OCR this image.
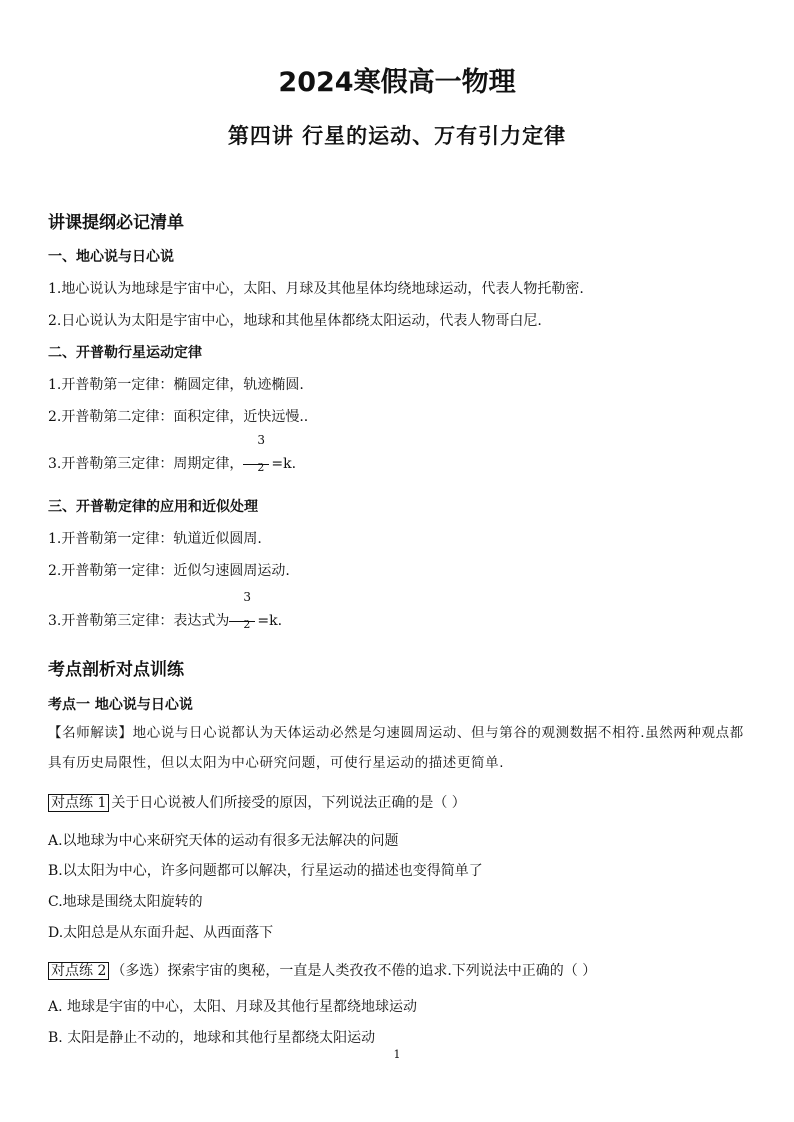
2024寒假高一物理
第四讲 行星的运动、万有引力定律
讲课提纲必记清单
一、地心说与日心说
1.地心说认为地球是宇宙中心，太阳、月球及其他星体均绕地球运动，代表人物托勒密.
2.日心说认为太阳是宇宙中心，地球和其他星体都绕太阳运动，代表人物哥白尼.
二、开普勒行星运动定律
1.开普勒第一定律：椭圆定律，轨迹椭圆.
2.开普勒第二定律：面积定律，近快远慢..
3.开普勒第三定律：周期定律， $\frac{3}{2} =k$.
三、开普勒定律的应用和近似处理
1.开普勒第一定律：轨道近似圆周.
2.开普勒第一定律：近似匀速圆周运动.
3.开普勒第三定律：表达式为 $\frac{3}{2} =k$.
考点剖析对点训练
考点一 地心说与日心说
【名师解读】地心说与日心说都认为天体运动必然是匀速圆周运动、但与第谷的观测数据不相符.虽然两种观点都具有历史局限性，但以太阳为中心研究问题，可使行星运动的描述更简单.
对点练 1 关于日心说被人们所接受的原因，下列说法正确的是（ ）
A.以地球为中心来研究天体的运动有很多无法解决的问题
B.以太阳为中心，许多问题都可以解决，行星运动的描述也变得简单了
C.地球是围绕太阳旋转的
D.太阳总是从东面升起、从西面落下
对点练 2 （多选）探索宇宙的奥秘，一直是人类孜孜不倦的追求.下列说法中正确的（ ）
A. 地球是宇宙的中心，太阳、月球及其他行星都绕地球运动
B. 太阳是静止不动的，地球和其他行星都绕太阳运动
1
